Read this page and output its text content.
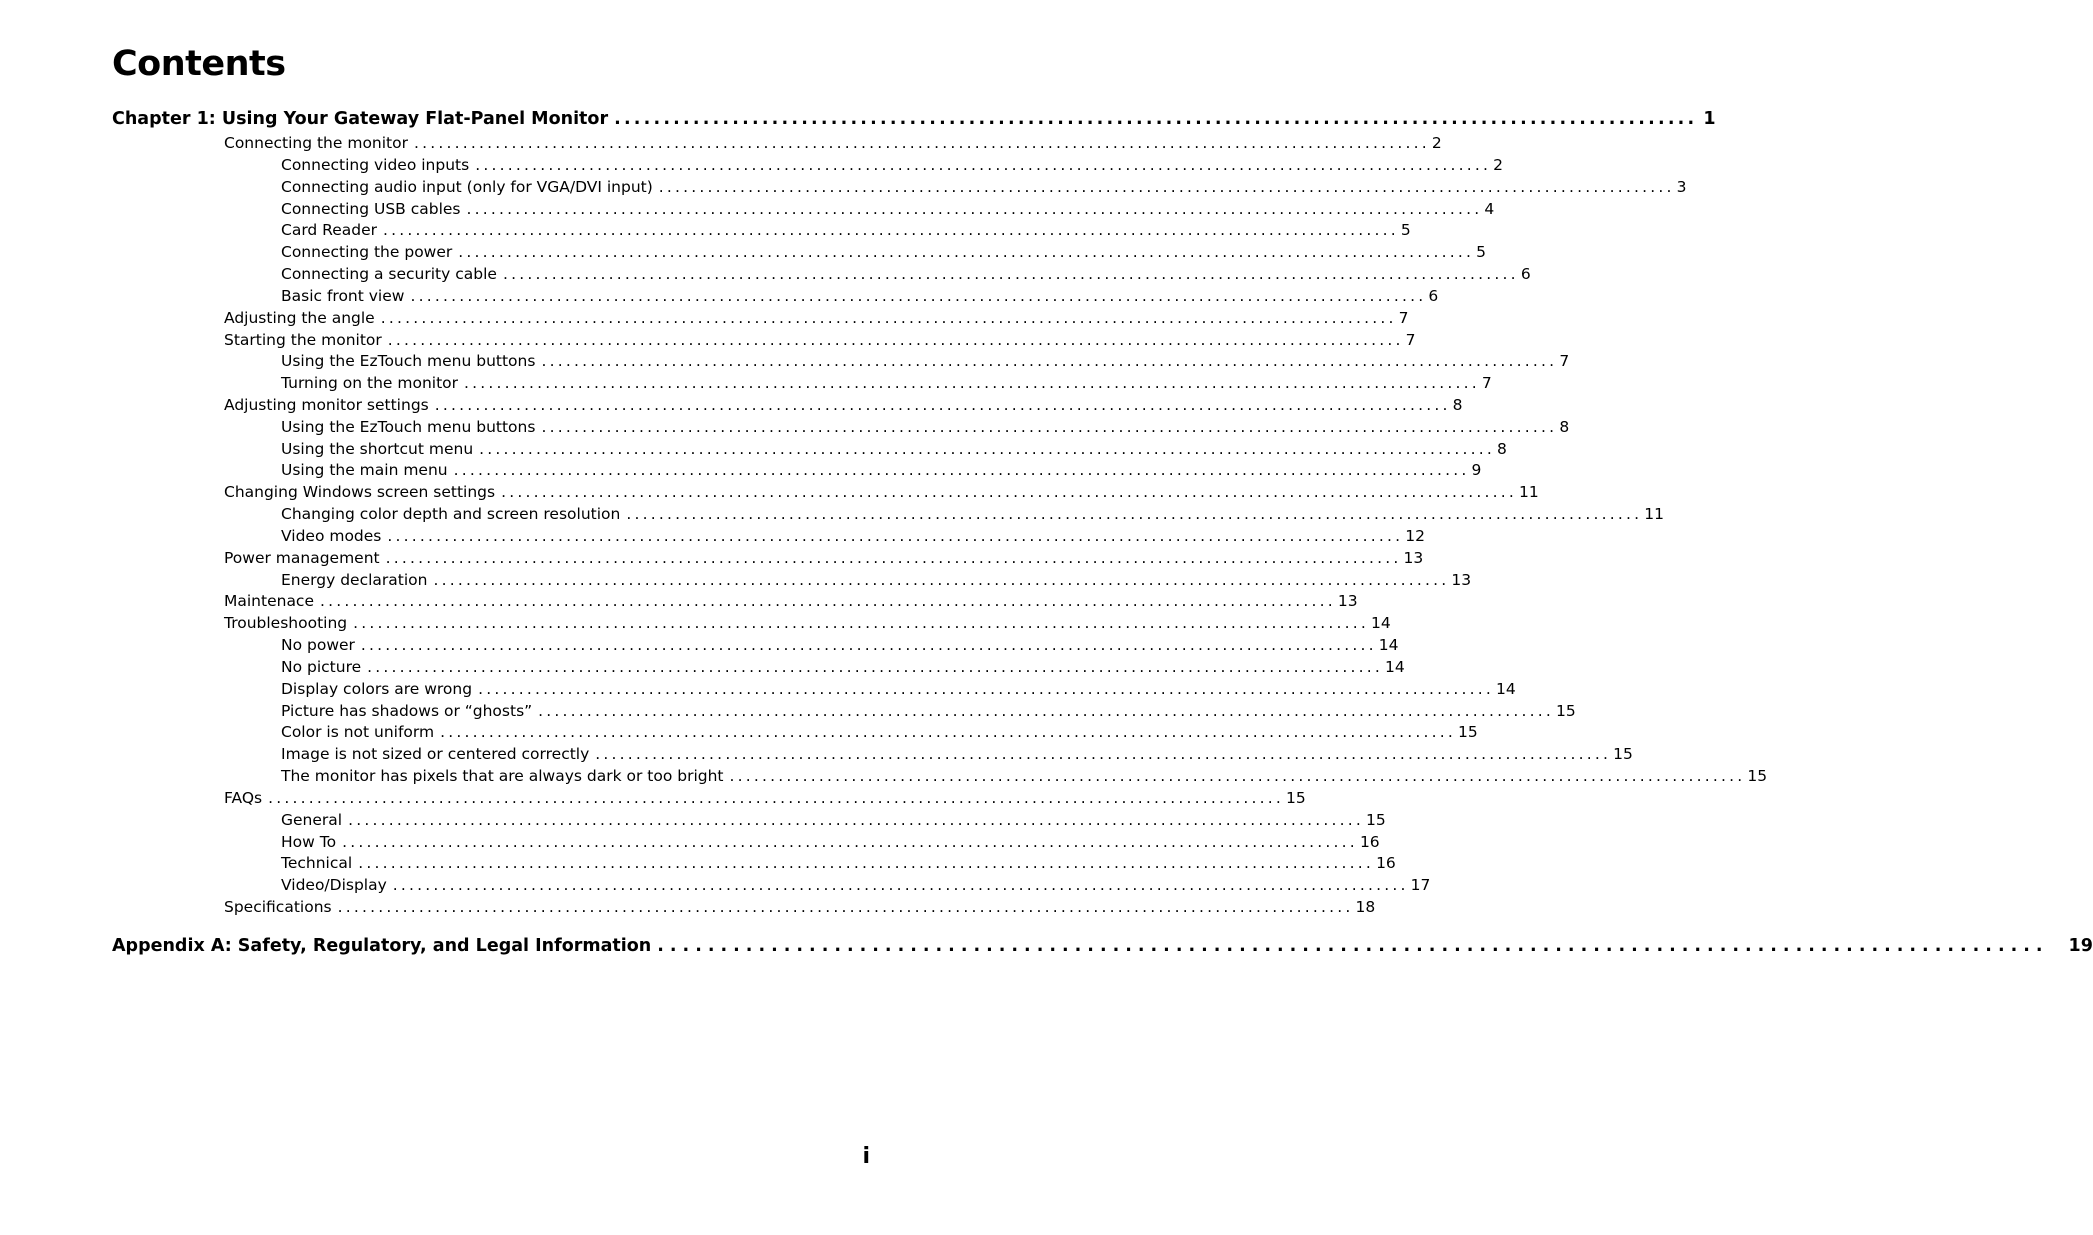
Contents
Chapter 1: Using Your Gateway Flat-Panel Monitor .............................................................................................................. 1
Connecting the monitor ............................................................................................................................. 2
Connecting video inputs ............................................................................................................................. 2
Connecting audio input (only for VGA/DVI input) ............................................................................................................................. 3
Connecting USB cables ............................................................................................................................. 4
Card Reader ............................................................................................................................. 5
Connecting the power ............................................................................................................................. 5
Connecting a security cable ............................................................................................................................. 6
Basic front view ............................................................................................................................. 6
Adjusting the angle ............................................................................................................................. 7
Starting the monitor ............................................................................................................................. 7
Using the EzTouch menu buttons ............................................................................................................................. 7
Turning on the monitor ............................................................................................................................. 7
Adjusting monitor settings ............................................................................................................................. 8
Using the EzTouch menu buttons ............................................................................................................................. 8
Using the shortcut menu ............................................................................................................................. 8
Using the main menu ............................................................................................................................. 9
Changing Windows screen settings ............................................................................................................................. 11
Changing color depth and screen resolution ............................................................................................................................. 11
Video modes ............................................................................................................................. 12
Power management ............................................................................................................................. 13
Energy declaration ............................................................................................................................. 13
Maintenace ............................................................................................................................. 13
Troubleshooting ............................................................................................................................. 14
No power ............................................................................................................................. 14
No picture ............................................................................................................................. 14
Display colors are wrong ............................................................................................................................. 14
Picture has shadows or “ghosts” ............................................................................................................................. 15
Color is not uniform ............................................................................................................................. 15
Image is not sized or centered correctly ............................................................................................................................. 15
The monitor has pixels that are always dark or too bright ............................................................................................................................. 15
FAQs ............................................................................................................................. 15
General ............................................................................................................................. 15
How To ............................................................................................................................. 16
Technical ............................................................................................................................. 16
Video/Display ............................................................................................................................. 17
Specifications ............................................................................................................................. 18
Appendix A: Safety, Regulatory, and Legal Information ..............................................................................................................	19
i
